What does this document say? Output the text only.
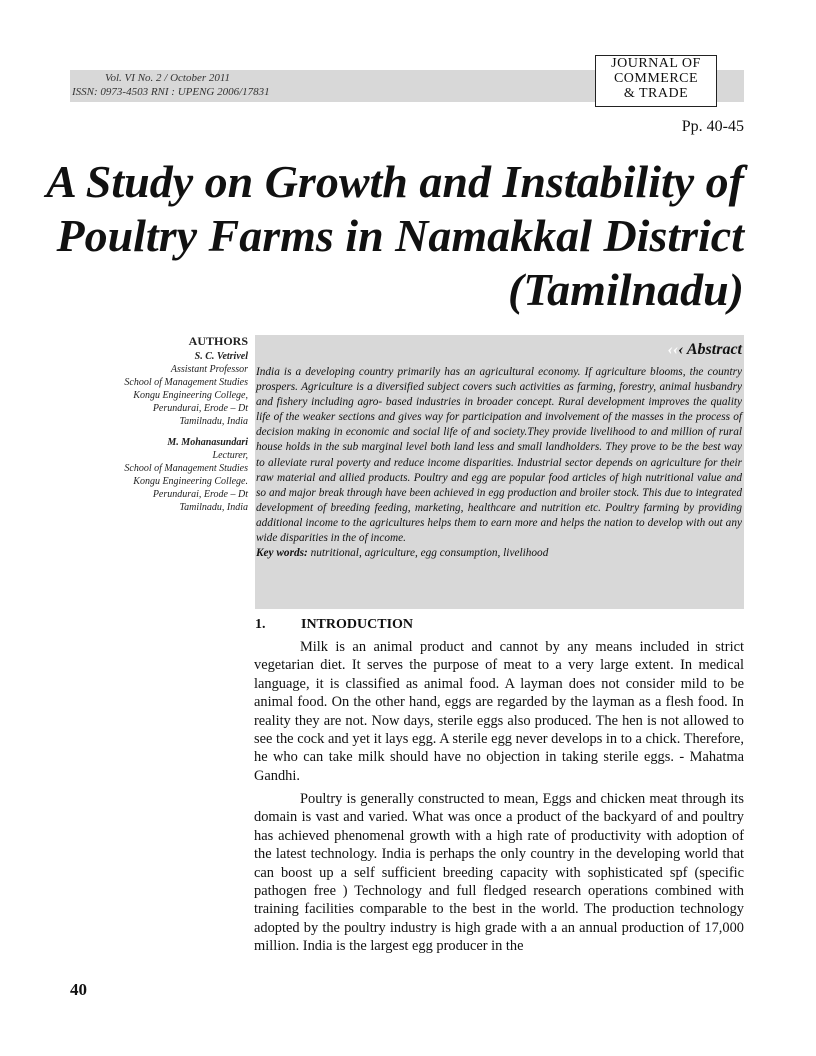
Vol. VI No. 2 / October 2011
ISSN: 0973-4503 RNI : UPENG 2006/17831
JOURNAL OF
COMMERCE
& TRADE
Pp. 40-45
A Study on Growth and Instability of Poultry Farms in Namakkal District (Tamilnadu)
AUTHORS
S. C. Vetrivel
Assistant Professor
School of Management Studies
Kongu Engineering College,
Perundurai, Erode – Dt
Tamilnadu, India
M. Mohanasundari
Lecturer,
School of Management Studies
Kongu Engineering College.
Perundurai, Erode – Dt
Tamilnadu, India
‹‹‹ Abstract
India is a developing country primarily has an agricultural economy. If agriculture blooms, the country prospers. Agriculture is a diversified subject covers such activities as farming, forestry, animal husbandry and fishery including agro- based industries in broader concept. Rural development improves the quality life of the weaker sections and gives way for participation and involvement of the masses in the process of decision making in economic and social life of and society.They provide livelihood to and million of rural house holds in the sub marginal level both land less and small landholders. They prove to be the best way to alleviate rural poverty and reduce income disparities. Industrial sector depends on agriculture for their raw material and allied products. Poultry and egg are popular food articles of high nutritional value and so and major break through have been achieved in egg production and broiler stock. This due to integrated development of breeding feeding, marketing, healthcare and nutrition etc. Poultry farming by providing additional income to the agricultures helps them to earn more and helps the nation to develop with out any wide disparities in the of income.
Key words: nutritional, agriculture, egg consumption, livelihood
1.	INTRODUCTION
Milk is an animal product and cannot by any means included in strict vegetarian diet. It serves the purpose of meat to a very large extent. In medical language, it is classified as animal food. A layman does not consider mild to be animal food. On the other hand, eggs are regarded by the layman as a flesh food. In reality they are not. Now days, sterile eggs also produced. The hen is not allowed to see the cock and yet it lays egg. A sterile egg never develops in to a chick. Therefore, he who can take milk should have no objection in taking sterile eggs. - Mahatma Gandhi.
Poultry is generally constructed to mean, Eggs and chicken meat through its domain is vast and varied. What was once a product of the backyard of and poultry has achieved phenomenal growth with a high rate of productivity with adoption of the latest technology. India is perhaps the only country in the developing world that can boost up a self sufficient breeding capacity with sophisticated spf (specific pathogen free ) Technology and full fledged research operations combined with training facilities comparable to the best in the world. The production technology adopted by the poultry industry is high grade with a an annual production of 17,000 million. India is the largest egg producer in the
40
